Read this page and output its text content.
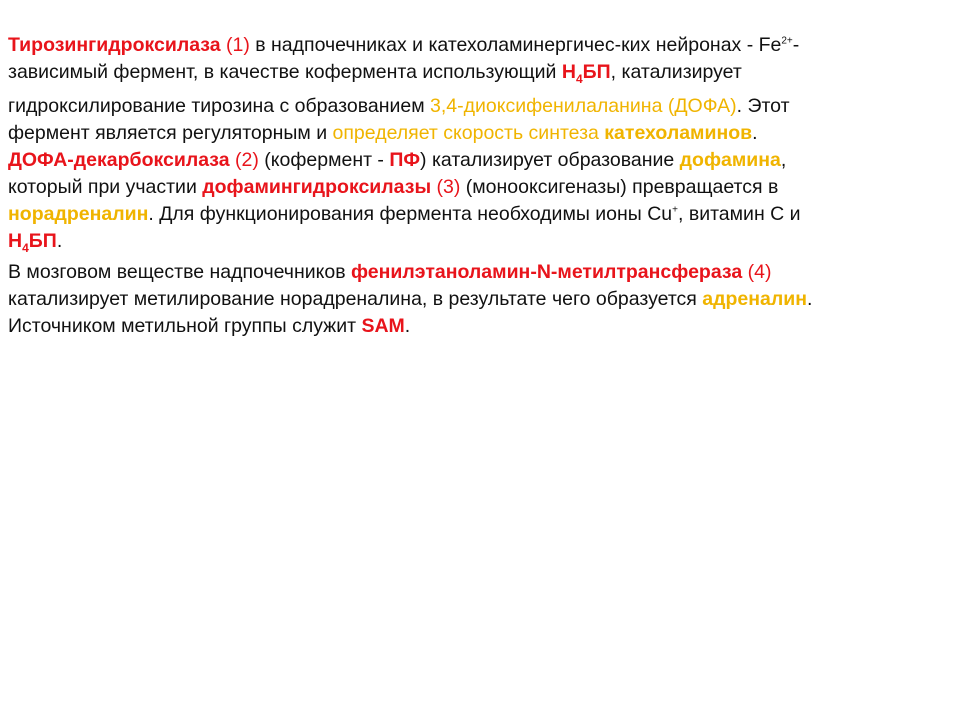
Тирозингидроксилаза (1) в надпочечниках и катехоламинергичес-ких нейронах - $Fe^{2+}-$
зависимый фермент, в качестве кофермента использующий $Н_4БП$, катализирует
гидроксилирование тирозина с образованием 3,4-диоксифенилаланина (ДОФА). Этот
фермент является регуляторным и определяет скорость синтеза катехоламинов.
ДОФА-декарбоксилаза (2) (кофермент - ПФ) катализирует образование дофамина,
который при участии дофамингидроксилазы (3) (монооксигеназы) превращается в
норадреналин. Для функционирования фермента необходимы ионы Cu+, витамин С и
$Н_4БП$.
В мозговом веществе надпочечников фенилэтаноламин-N-метилтрансфераза (4)
катализирует метилирование норадреналина, в результате чего образуется адреналин.
Источником метильной группы служит SAM.
